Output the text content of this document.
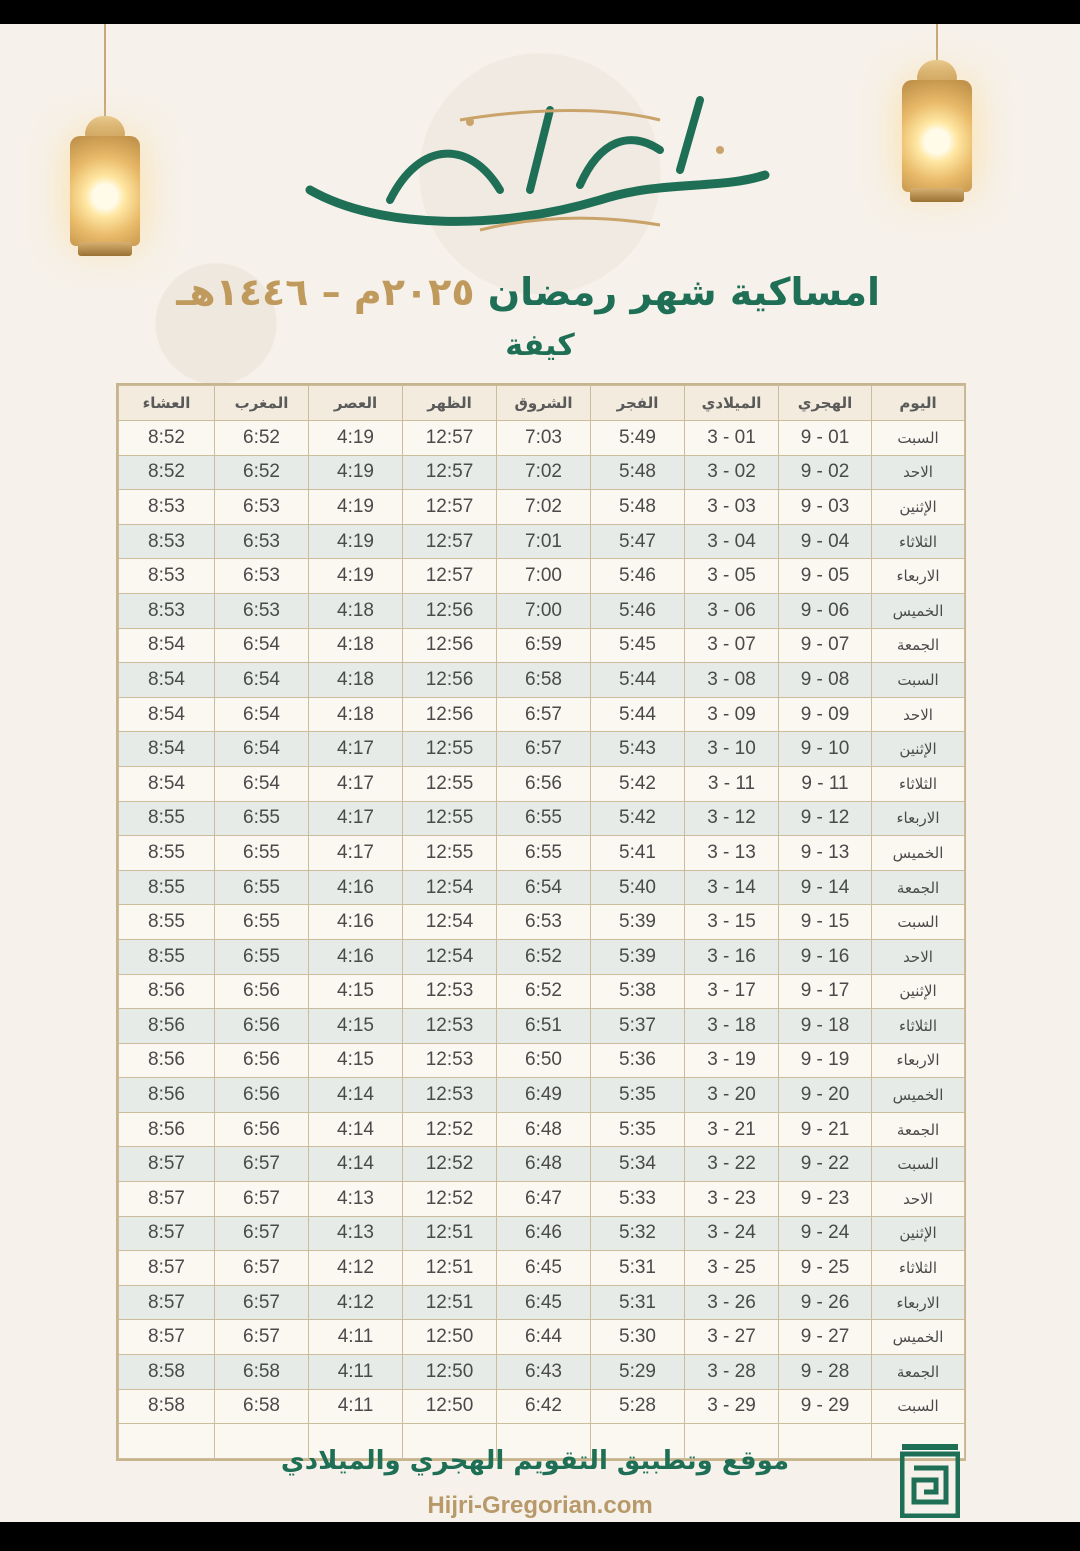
رمضان كريم
امساكية شهر رمضان ٢٠٢٥م – ١٤٤٦هـ
كيفة
اليوم	الهجري	الميلادي	الفجر	الشروق	الظهر	العصر	المغرب	العشاء
السبت	9 - 01	3 - 01	5:49	7:03	12:57	4:19	6:52	8:52
الاحد	9 - 02	3 - 02	5:48	7:02	12:57	4:19	6:52	8:52
الإثنين	9 - 03	3 - 03	5:48	7:02	12:57	4:19	6:53	8:53
الثلاثاء	9 - 04	3 - 04	5:47	7:01	12:57	4:19	6:53	8:53
الاربعاء	9 - 05	3 - 05	5:46	7:00	12:57	4:19	6:53	8:53
الخميس	9 - 06	3 - 06	5:46	7:00	12:56	4:18	6:53	8:53
الجمعة	9 - 07	3 - 07	5:45	6:59	12:56	4:18	6:54	8:54
السبت	9 - 08	3 - 08	5:44	6:58	12:56	4:18	6:54	8:54
الاحد	9 - 09	3 - 09	5:44	6:57	12:56	4:18	6:54	8:54
الإثنين	9 - 10	3 - 10	5:43	6:57	12:55	4:17	6:54	8:54
الثلاثاء	9 - 11	3 - 11	5:42	6:56	12:55	4:17	6:54	8:54
الاربعاء	9 - 12	3 - 12	5:42	6:55	12:55	4:17	6:55	8:55
الخميس	9 - 13	3 - 13	5:41	6:55	12:55	4:17	6:55	8:55
الجمعة	9 - 14	3 - 14	5:40	6:54	12:54	4:16	6:55	8:55
السبت	9 - 15	3 - 15	5:39	6:53	12:54	4:16	6:55	8:55
الاحد	9 - 16	3 - 16	5:39	6:52	12:54	4:16	6:55	8:55
الإثنين	9 - 17	3 - 17	5:38	6:52	12:53	4:15	6:56	8:56
الثلاثاء	9 - 18	3 - 18	5:37	6:51	12:53	4:15	6:56	8:56
الاربعاء	9 - 19	3 - 19	5:36	6:50	12:53	4:15	6:56	8:56
الخميس	9 - 20	3 - 20	5:35	6:49	12:53	4:14	6:56	8:56
الجمعة	9 - 21	3 - 21	5:35	6:48	12:52	4:14	6:56	8:56
السبت	9 - 22	3 - 22	5:34	6:48	12:52	4:14	6:57	8:57
الاحد	9 - 23	3 - 23	5:33	6:47	12:52	4:13	6:57	8:57
الإثنين	9 - 24	3 - 24	5:32	6:46	12:51	4:13	6:57	8:57
الثلاثاء	9 - 25	3 - 25	5:31	6:45	12:51	4:12	6:57	8:57
الاربعاء	9 - 26	3 - 26	5:31	6:45	12:51	4:12	6:57	8:57
الخميس	9 - 27	3 - 27	5:30	6:44	12:50	4:11	6:57	8:57
الجمعة	9 - 28	3 - 28	5:29	6:43	12:50	4:11	6:58	8:58
السبت	9 - 29	3 - 29	5:28	6:42	12:50	4:11	6:58	8:58

موقع وتطبيق التقويم الهجري والميلادي
Hijri-Gregorian.com
